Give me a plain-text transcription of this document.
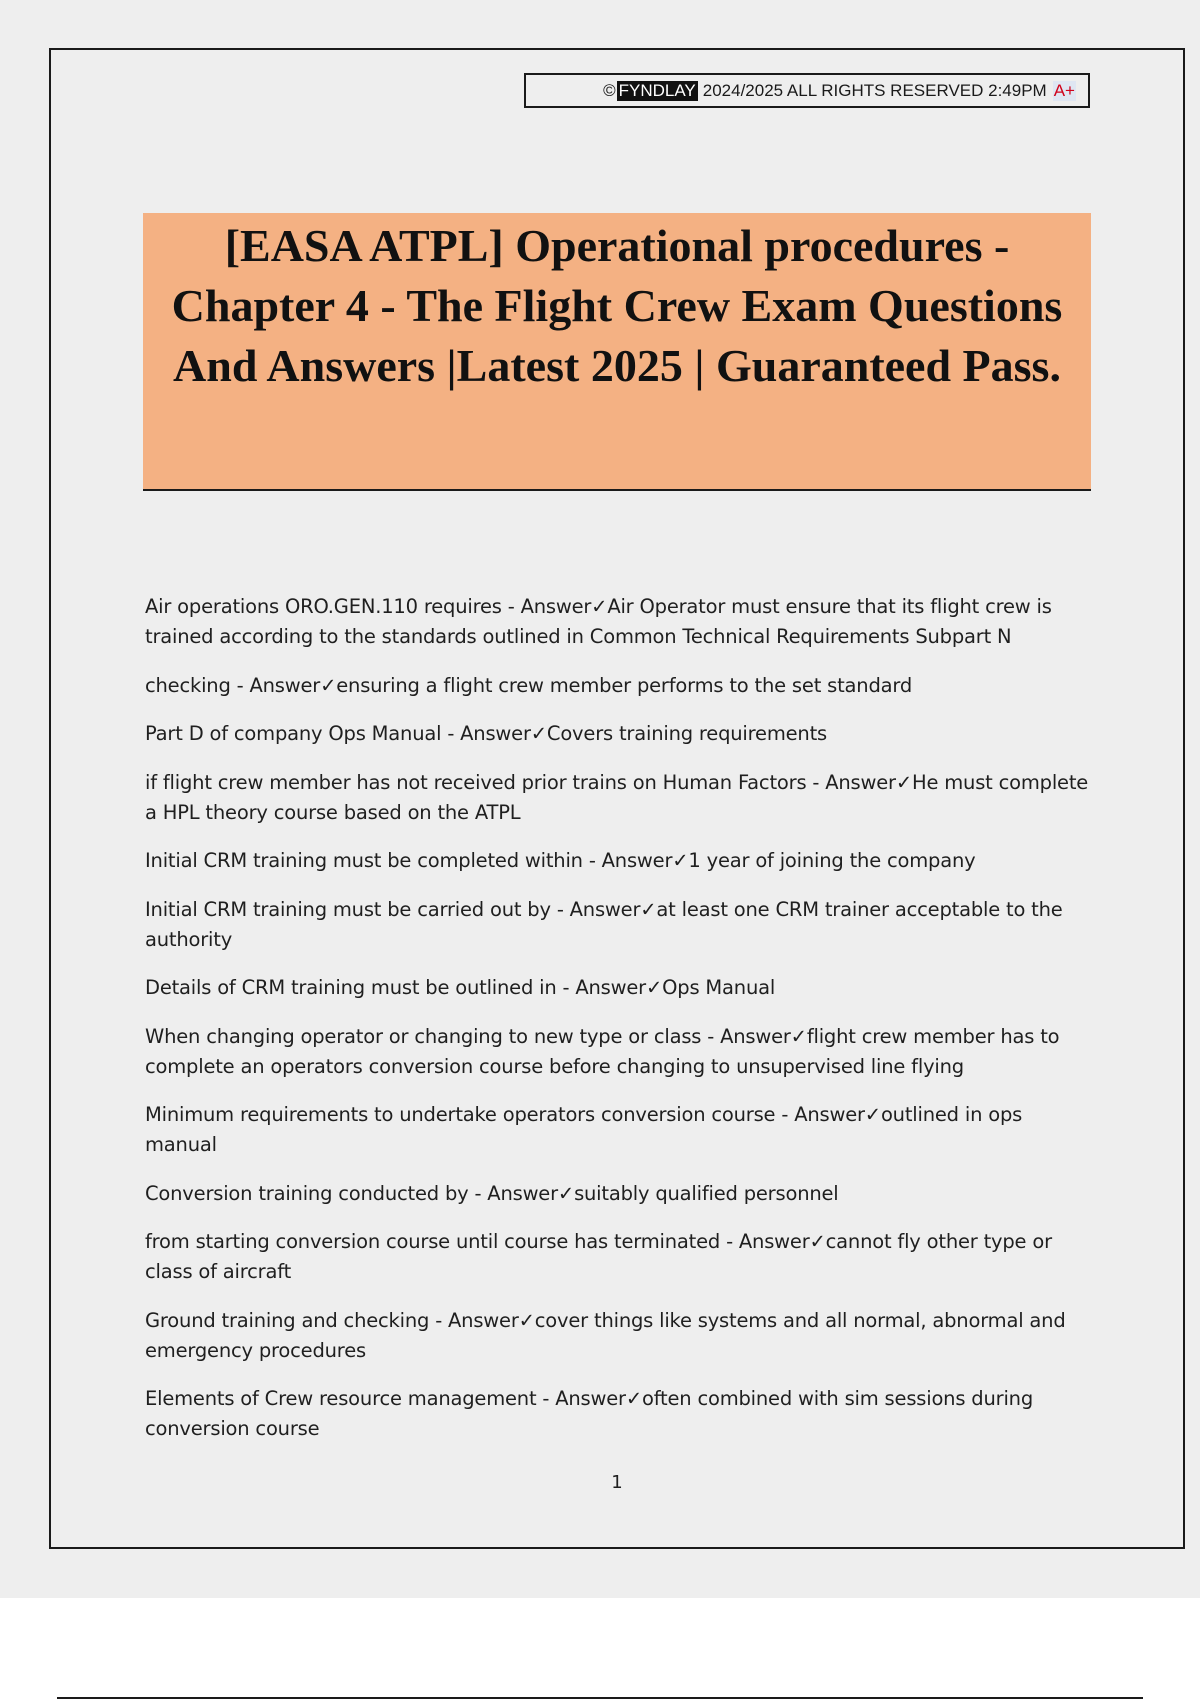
© FYNDLAY 2024/2025 ALL RIGHTS RESERVED 2:49PM A+
[EASA ATPL] Operational procedures -
Chapter 4 - The Flight Crew Exam Questions
And Answers |Latest 2025 | Guaranteed Pass.
Air operations ORO.GEN.110 requires - Answer✓Air Operator must ensure that its flight crew is trained according to the standards outlined in Common Technical Requirements Subpart N
checking - Answer✓ensuring a flight crew member performs to the set standard
Part D of company Ops Manual - Answer✓Covers training requirements
if flight crew member has not received prior trains on Human Factors - Answer✓He must complete a HPL theory course based on the ATPL
Initial CRM training must be completed within - Answer✓1 year of joining the company
Initial CRM training must be carried out by - Answer✓at least one CRM trainer acceptable to the authority
Details of CRM training must be outlined in - Answer✓Ops Manual
When changing operator or changing to new type or class - Answer✓flight crew member has to complete an operators conversion course before changing to unsupervised line flying
Minimum requirements to undertake operators conversion course - Answer✓outlined in ops manual
Conversion training conducted by - Answer✓suitably qualified personnel
from starting conversion course until course has terminated - Answer✓cannot fly other type or class of aircraft
Ground training and checking - Answer✓cover things like systems and all normal, abnormal and emergency procedures
Elements of Crew resource management - Answer✓often combined with sim sessions during conversion course
1
